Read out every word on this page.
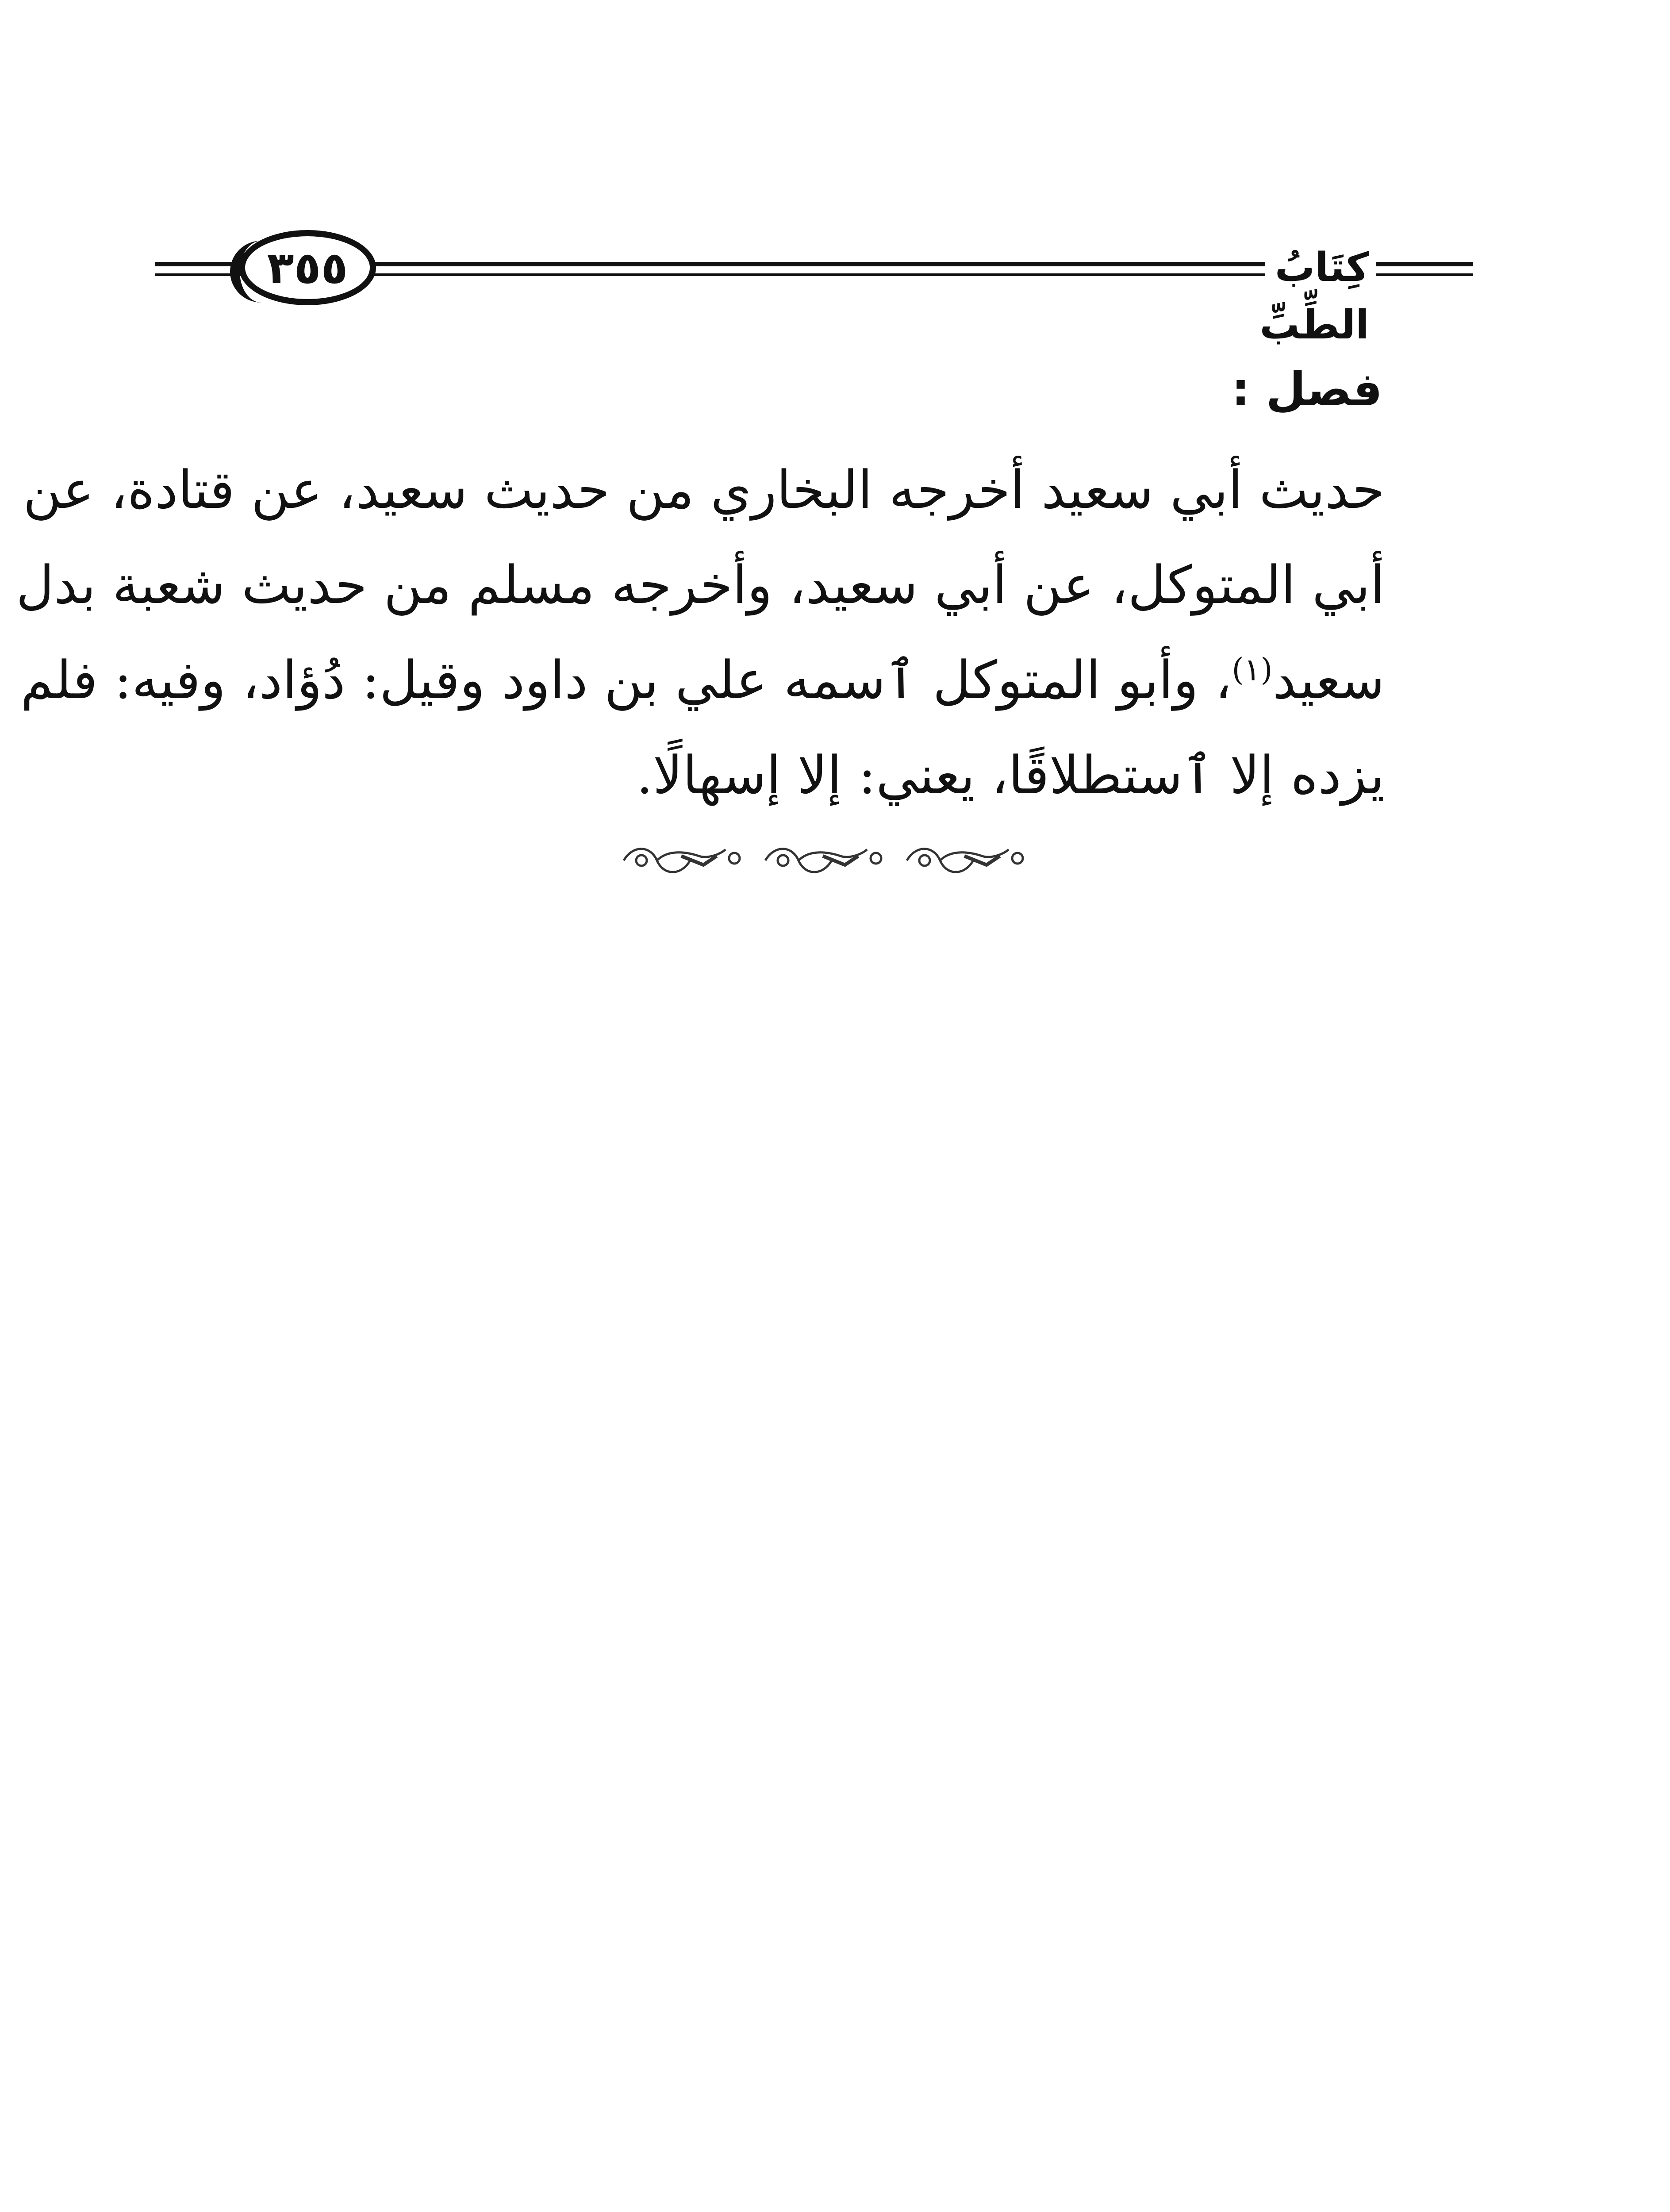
٣٥٥	كِتَابُ الطِّبِّ
فصل :
حديث أبي سعيد أخرجه البخاري من حديث سعيد، عن قتادة، عن
أبي المتوكل، عن أبي سعيد، وأخرجه مسلم من حديث شعبة بدل
سعيد$^{(١)}$، وأبو المتوكل ٱسمه علي بن داود وقيل: دُؤاد، وفيه: فلم
يزده إلا ٱستطلاقًا، يعني: إلا إسهالًا.
